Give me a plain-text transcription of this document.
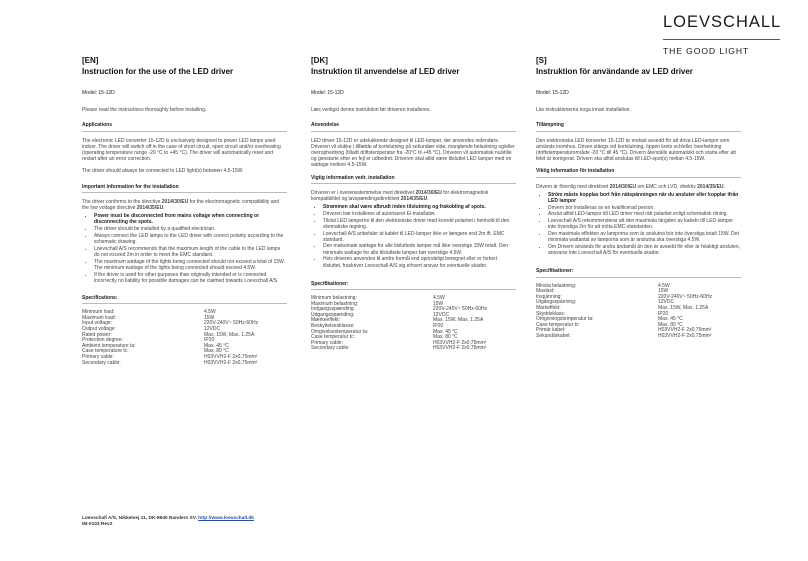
LOEVSCHALL
THE GOOD LIGHT
[EN]
Instruction for the use of the LED driver
Model: 15-12D
Please read the instructions thoroughly before installing.
Applications

The electronic LED converter 15-12D is exclusively designed to power LED lamps used indoor. The driver will switch off in the case of short circuit, open circuit and/or overheating (operating temperature range -20 °C to +45 °C). The driver will automatically reset and restart after an error correction.

The driver should always be connected to LED light(s) between 4.5-15W.

Important information for the installation

The driver conforms to the directive 2014/30/EU for the electromagnetic compatibility and the low voltage directive 2014/35/EU.

• Power must be disconnected from mains voltage when connecting or disconnecting the spots.
• The driver should be installed by a qualified electrician.
• Always connect the LED lamps to the LED driver with correct polarity according to the schematic drawing.
• Loevschall A/S recommends that the maximum length of the cable to the LED lamps do not exceed 2m in order to meet the EMC standard.
• The maximum wattage of the lights being connected should not exceed a total of 15W. The minimum wattage of the lights being connected should exceed 4.5W.
• If the driver is used for other purposes than originally intended or is connected incorrectly no liability for possible damages can be claimed towards Loevschall A/S.
Specifications:
Minimum load:	4.5W
Maximum load:	15W
Input voltage:	220V-240V~ 50Hz-60Hz
Output voltage:	12VDC
Rated power:	Max. 15W, Max. 1.25A
Protection degree:	IP20
Ambient temperature ta:	Max. 45 °C
Case temperature tc:	Max. 80 °C
Primary cable:	H03VVH2-F 2x0,75mm²
Secondary cable:	H03VVH2-F 2x0,75mm²
[DK]
Instruktion til anvendelse af LED driver
Model: 15-12D
Læs venligst denne instruktion før driveren installeres.
Anvendelse

LED driver 15-12D er udelukkende designet til LED-lamper, der anvendes indendørs. Driveren vil slukke i tilfælde af kortslutning på sekundær side, manglende belastning og/eller overophedning (tilladt driftstemperatur fra -20°C til +45 °C). Driveren vil automatisk nulstille og genstarte efter en fejl er udbedret. Driveren skal altid være tilsluttet LED lamper med en wattage mellem 4.5-15W.

Vigtig information vedr. installation

Driveren er i overensstemmelse med direktivet 2014/30/EU for elektromagnetisk kompatibilitet og lavspændingsdirektivet 2014/35/EU.

• Strømmen skal være afbrudt inden tilslutning og frakobling af spots.
• Driveren bør installeres af autoriseret El-installatør.
• Tilslut LED lamperne til den elektroniske driver med korrekt polaritet i henhold til den skematiske tegning.
• Loevschall A/S anbefaler at kablet til LED-lamper ikke er længere end 2m ift. EMC standard.
• Den maksimale wattage for alle tilsluttede lamper må ikke overstige 15W totalt. Den minimale wattage for alle tilsluttede lamper bør overstige 4.5W.
• Hvis driveren anvendes til andre formål end oprindeligt beregnet eller er forkert tilsluttet, fraskriver Loevschall A/S sig ethvert ansvar for eventuelle skader.
Specifikationer:
Minimum belastning:	4.5W
Maximum belastning:	15W
Indgangsspænding:	220V-240V~ 50Hz-60Hz
Udgangsspænding:	12VDC
Mærkeeffekt:	Max. 15W, Max. 1.25A
Beskyttelsesklasse:	IP20
Omgivelsestemperatur ta:	Max. 45 °C
Case temperatur tc:	Max. 80 °C
Primary cable:	H03VVH2-F 2x0,75mm²
Secondary cable:	H03VVH2-F 2x0,75mm²
[S]
Instruktion för användande av LED driver
Model: 15-12D
Läs instruktionerna noga innan installation.
Tillämpning

Den elektroniska LED konverter 15-12D är endast avsedd för att driva LED-lampor som används inomhus. Driven stängs vid kortslutning, öppen krets och/eller överhettning (driftstemperaturområde -20 °C till 45 °C). Drivern återställs automatiskt och starta efter att felet är korrigerat. Drivern ska alltid anslutas till LED-spot(s) mellan 4.5-15W.

Viktig information för installation

Drivern är förenlig med direktivet 2014/30/EU om EMC och LVD, direktiv 2014/35/EU.

• Ström måste kopplas bort från nätspänningen när du ansluter eller kopplar ifrån LED lampor
• Drivern bör installeras av en kvalificerad person.
• Anslut alltid LED-lampor till LED driver med rätt polaritet enligt schematisk ritning.
• Loevschall A/S rekommenderar att den maximala längden av kabeln till LED-lampor inte överstiga 2m för att möta EMC-standarden.
• Den maximala effekten av lamporna som är anslutna bör inte överstiga totalt 15W. Det minimala wattantal av lamporna som är anslutna ska överstiga 4.5W.
• Om Drivern används för andra ändamål än den är avsedd för eller är felaktigt ansluten, ansvarar inte Loevschall A/S för eventuella skador.
Specifikationer:
Minsta belastning:	4.5W
Maxlast:	15W
Inspänning:	220V-240V~ 50Hz-60Hz
Utgångsspänning:	12VDC
Märkeffekt:	Max. 15W, Max. 1.25A
Skyddsklass:	IP20
Omgivningstemperatur ta:	Max. 45 °C
Case temperatur tc:	Max. 80 °C
Primär kabel:	H03VVH2-F 2x0,75mm²
Sekundärkabel:	H03VVH2-F 2x0,75mm²
Loevschall A/S, Nikkelvej 11, DK-8940 Randers SV. http://www.loevschall.dk
IM-0103 Rev2
